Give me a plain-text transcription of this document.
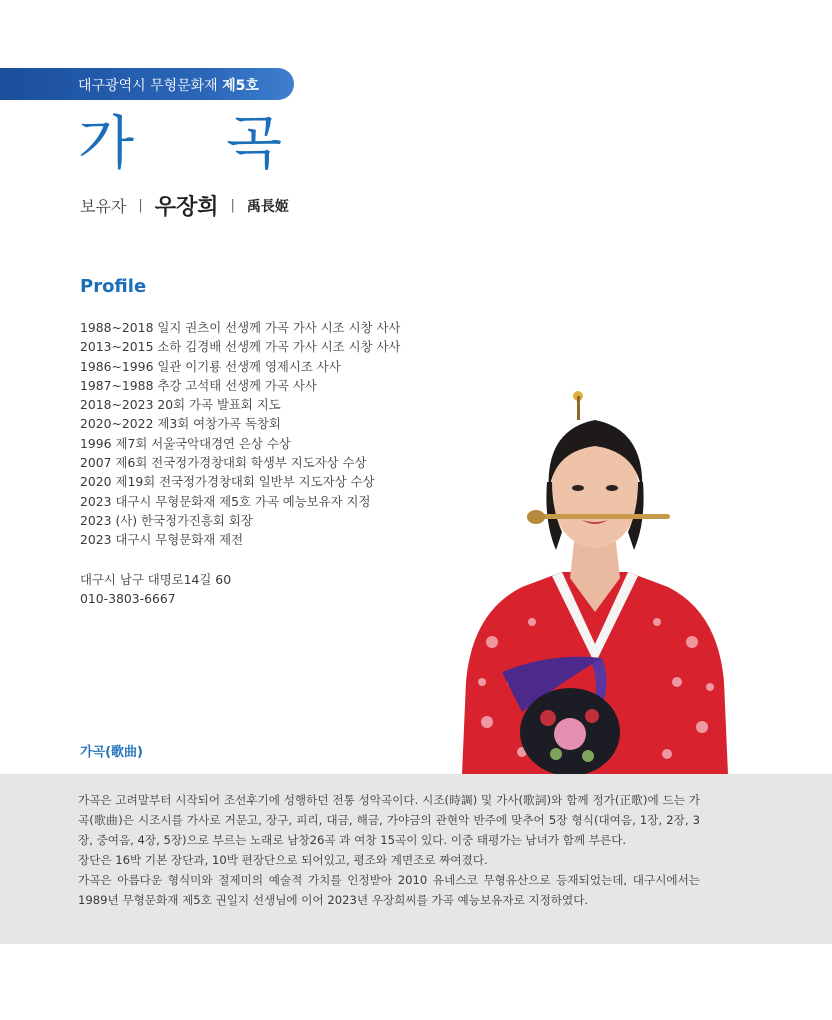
대구광역시 무형문화재 제5호
가곡
보유자 | 우장희 | 禹長姬
Profile
1988~2018 일지 권츠이 선생께 가곡 가사 시조 시창 사사
2013~2015 소하 김경배 선생께 가곡 가사 시조 시창 사사
1986~1996 일관 이기룡 선생께 영제시조 사사
1987~1988 추강 고석태 선생께 가곡 사사
2018~2023 20회 가곡 발표회 지도
2020~2022 제3회 여창가곡 독창회
1996 제7회 서울국악대경연 은상 수상
2007 제6회 전국정가경창대회 학생부 지도자상 수상
2020 제19회 전국정가경창대회 일반부 지도자상 수상
2023 대구시 무형문화재 제5호 가곡 예능보유자 지정
2023 (사) 한국정가진흥회 회장
2023 대구시 무형문화재 제전
대구시 남구 대명로14길 60
010-3803-6667
가곡(歌曲)

가곡은 고려말부터 시작되어 조선후기에 성행하던 전통 성악곡이다. 시조(時調) 및 가사(歌詞)와 함께 정가(正歌)에 드는 가곡(歌曲)은 시조시를 가사로 거문고, 장구, 피리, 대금, 해금, 가야금의 관현악 반주에 맞추어 5장 형식(대여음, 1장, 2장, 3장, 중여음, 4장, 5장)으로 부르는 노래로 남창26곡 과 여창 15곡이 있다. 이중 태평가는 남녀가 함께 부른다.

장단은 16박 기본 장단과, 10박 편장단으로 되어있고, 평조와 계면조로 짜여졌다.

가곡은 아름다운 형식미와 절제미의 예술적 가치를 인정받아 2010 유네스코 무형유산으로 등재되었는데, 대구시에서는 1989년 무형문화재 제5호 권일지 선생님에 이어 2023년 우장희씨를 가곡 예능보유자로 지정하였다.
